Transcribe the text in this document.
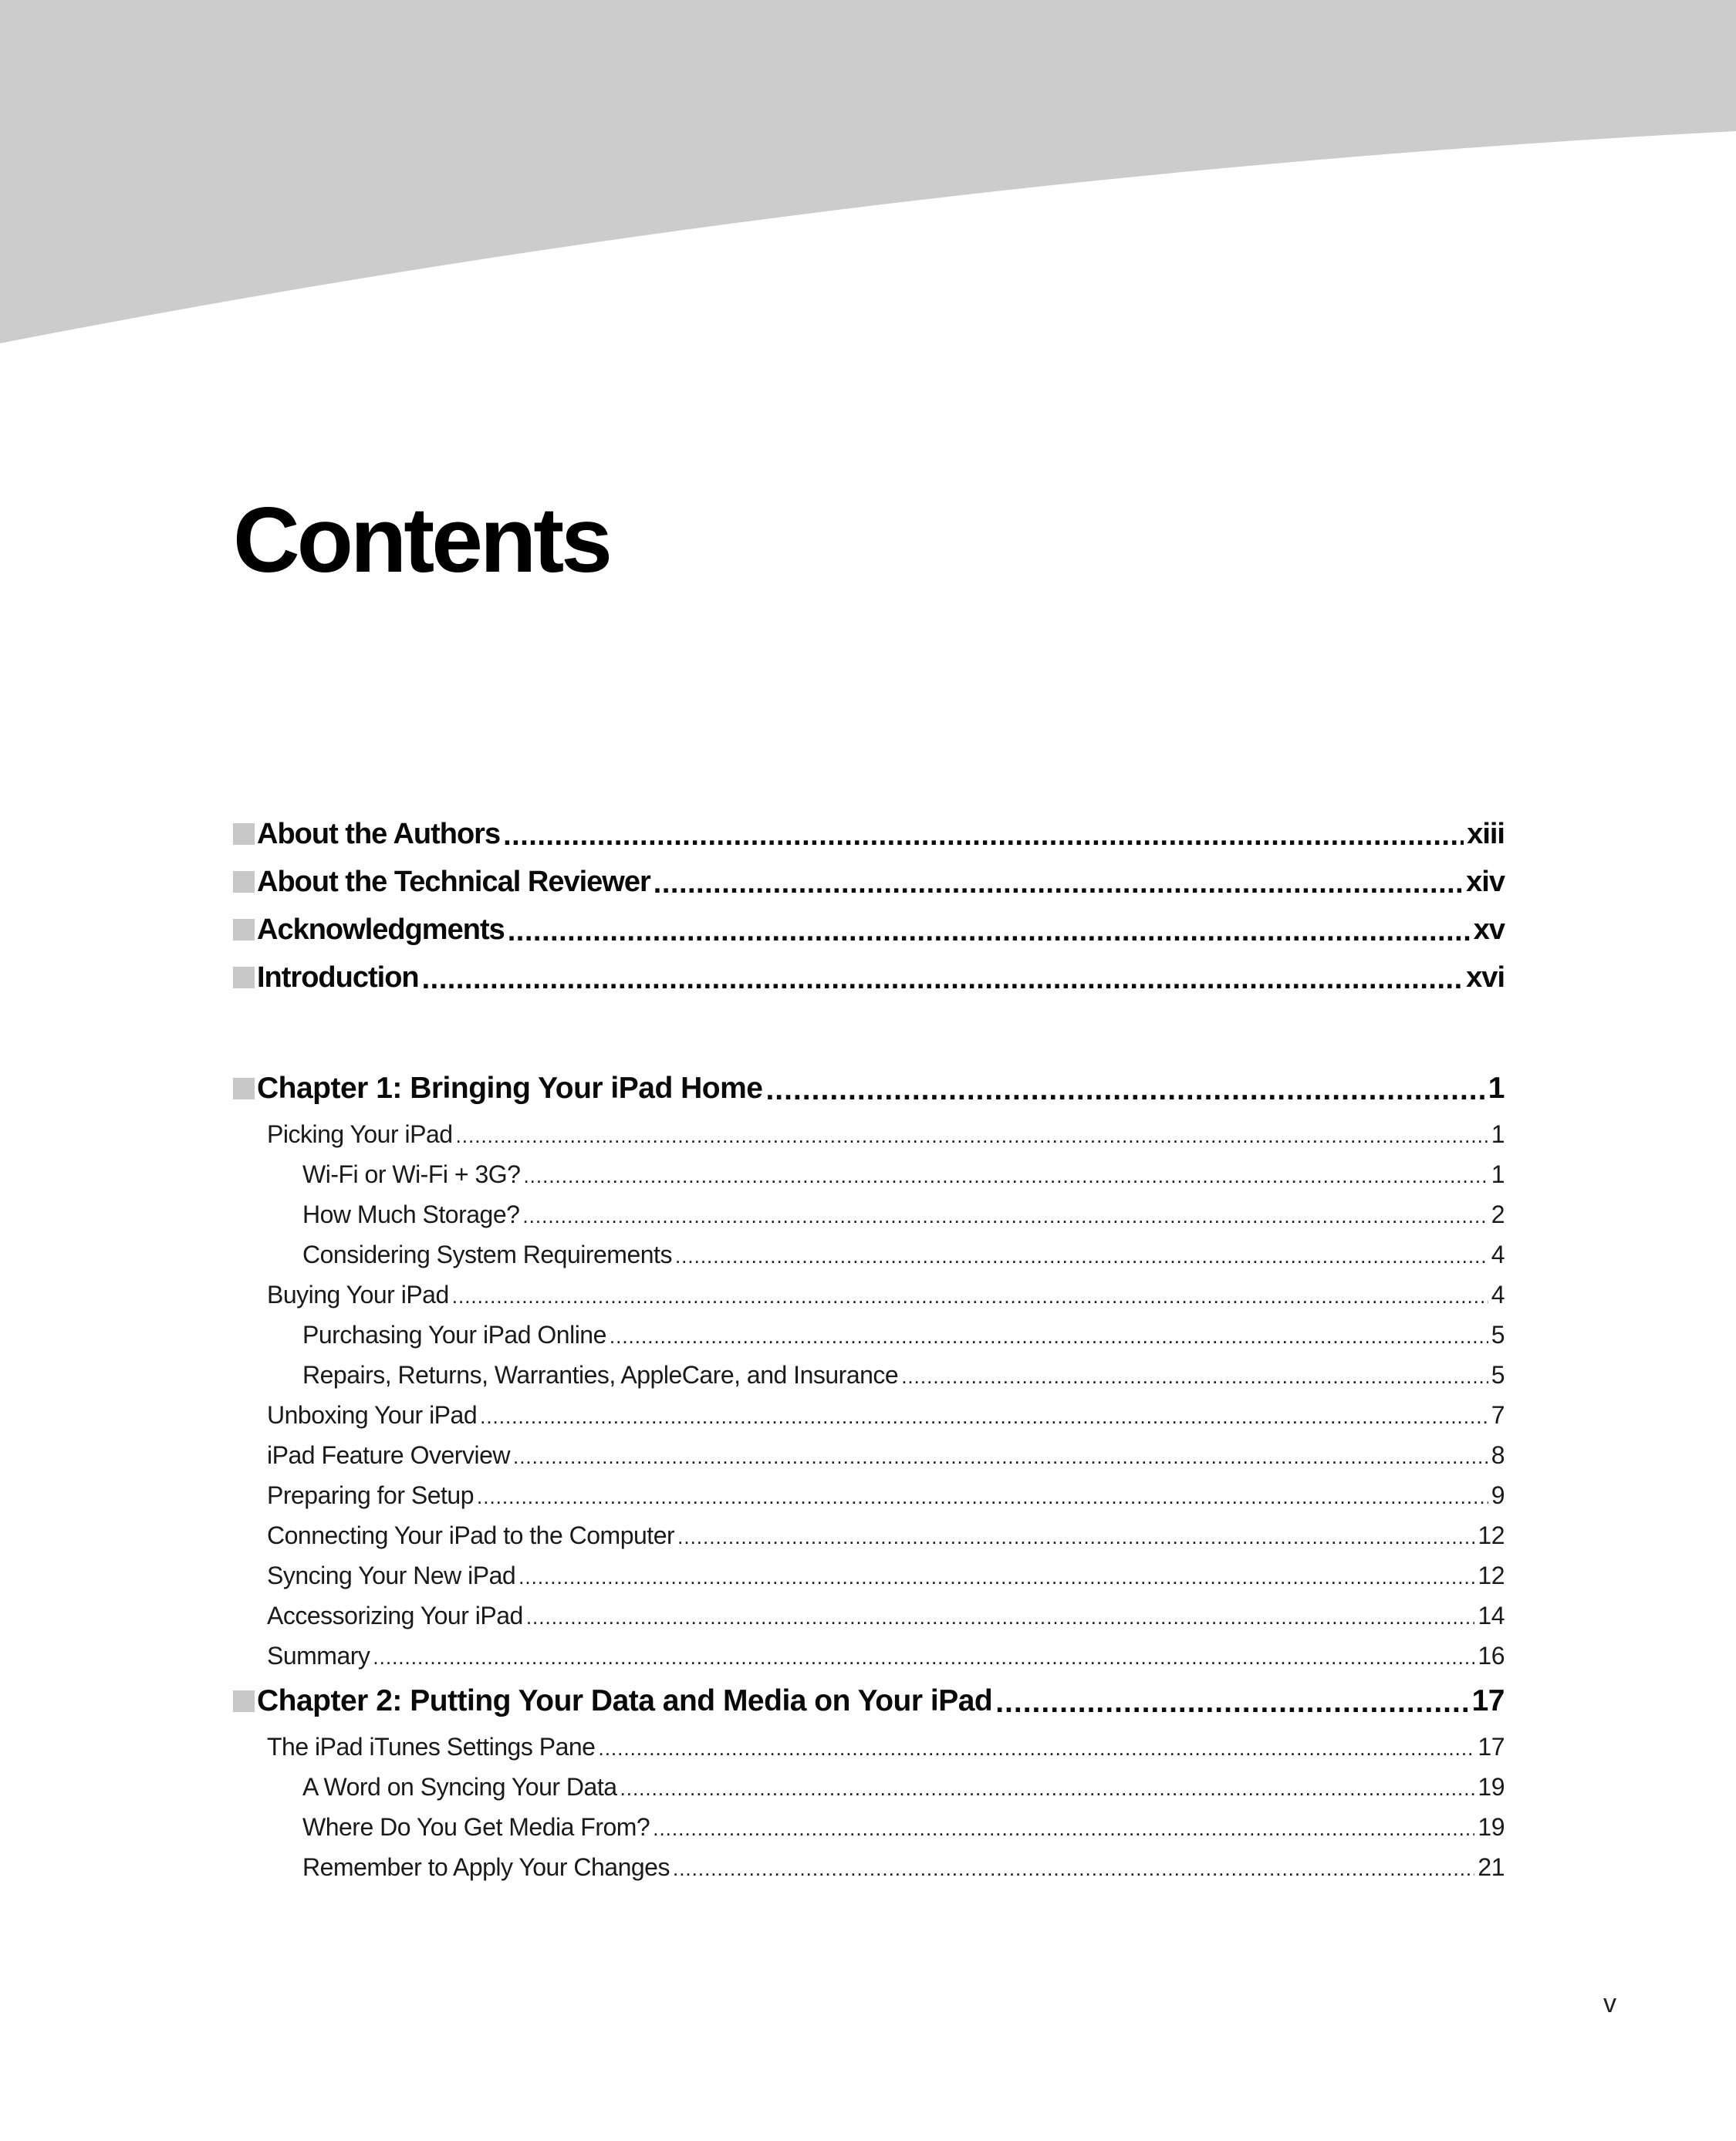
Contents
About the Authors .....	xiii
About the Technical Reviewer .....	xiv
Acknowledgments .....	xv
Introduction .....	xvi
Chapter 1: Bringing Your iPad Home .....	1
Picking Your iPad .....	1
Wi-Fi or Wi-Fi + 3G? .....	1
How Much Storage? .....	2
Considering System Requirements .....	4
Buying Your iPad .....	4
Purchasing Your iPad Online .....	5
Repairs, Returns, Warranties, AppleCare, and Insurance .....	5
Unboxing Your iPad .....	7
iPad Feature Overview .....	8
Preparing for Setup .....	9
Connecting Your iPad to the Computer .....	12
Syncing Your New iPad .....	12
Accessorizing Your iPad .....	14
Summary .....	16
Chapter 2: Putting Your Data and Media on Your iPad .....	17
The iPad iTunes Settings Pane .....	17
A Word on Syncing Your Data .....	19
Where Do You Get Media From? .....	19
Remember to Apply Your Changes .....	21
v
